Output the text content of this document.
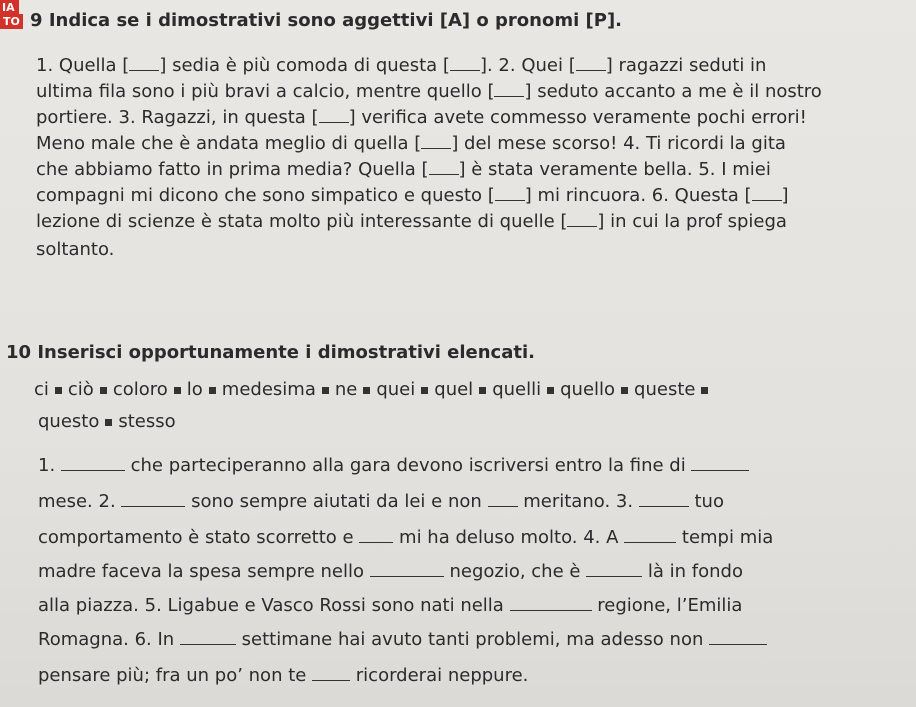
IA
TO 9 Indica se i dimostrativi sono aggettivi [A] o pronomi [P].
1. Quella [ ] sedia è più comoda di questa [ ]. 2. Quei [ ] ragazzi seduti in
ultima fila sono i più bravi a calcio, mentre quello [ ] seduto accanto a me è il nostro
portiere. 3. Ragazzi, in questa [ ] verifica avete commesso veramente pochi errori!
Meno male che è andata meglio di quella [ ] del mese scorso! 4. Ti ricordi la gita
che abbiamo fatto in prima media? Quella [ ] è stata veramente bella. 5. I miei
compagni mi dicono che sono simpatico e questo [ ] mi rincuora. 6. Questa [ ]
lezione di scienze è stata molto più interessante di quelle [ ] in cui la prof spiega
soltanto.
10 Inserisci opportunamente i dimostrativi elencati.
ci ciò coloro lo medesima ne quei quel quelli quello queste
questo stesso
1.	che parteciperanno alla gara devono iscriversi entro la fine di
mese. 2.	sono sempre aiutati da lei e non  meritano. 3.	tuo
comportamento è stato scorretto e  mi ha deluso molto. 4. A	tempi mia
madre faceva la spesa sempre nello	negozio, che è	là in fondo
alla piazza. 5. Ligabue e Vasco Rossi sono nati nella	regione, l’Emilia
Romagna. 6. In	settimane hai avuto tanti problemi, ma adesso non
pensare più; fra un po’ non te  ricorderai neppure.
